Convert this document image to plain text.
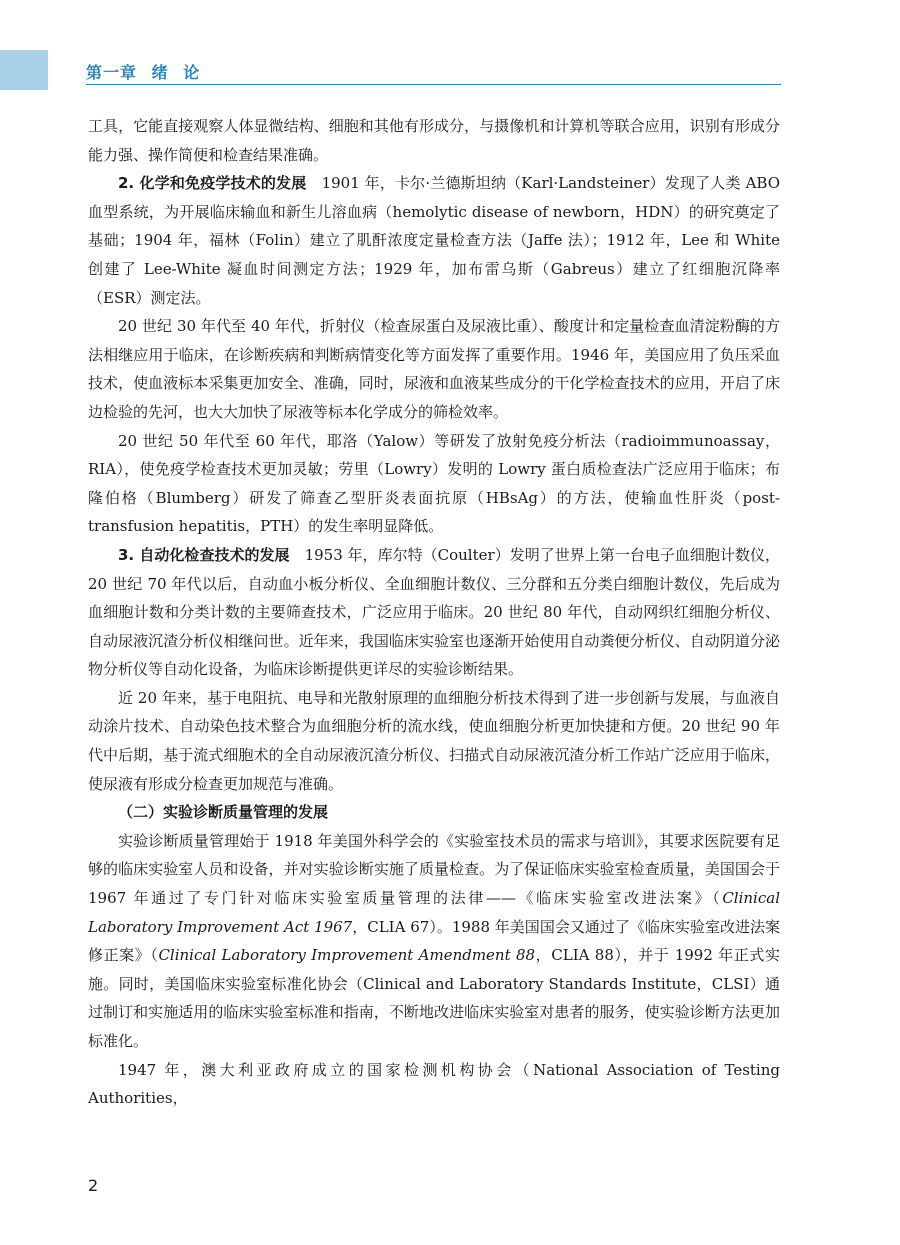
第一章 绪 论

工具，它能直接观察人体显微结构、细胞和其他有形成分，与摄像机和计算机等联合应用，识别有形成分能力强、操作简便和检查结果准确。

2. 化学和免疫学技术的发展　 1901 年，卡尔·兰德斯坦纳（Karl·Landsteiner）发现了人类 ABO 血型系统，为开展临床输血和新生儿溶血病（hemolytic disease of newborn，HDN）的研究奠定了基础；1904 年，福林（Folin）建立了肌酐浓度定量检查方法（Jaffe 法）；1912 年，Lee 和 White 创建了 Lee-White 凝血时间测定方法；1929 年，加布雷乌斯（Gabreus）建立了红细胞沉降率（ESR）测定法。

20 世纪 30 年代至 40 年代，折射仪（检查尿蛋白及尿液比重）、酸度计和定量检查血清淀粉酶的方法相继应用于临床，在诊断疾病和判断病情变化等方面发挥了重要作用。1946 年，美国应用了负压采血技术，使血液标本采集更加安全、准确，同时，尿液和血液某些成分的干化学检查技术的应用，开启了床边检验的先河，也大大加快了尿液等标本化学成分的筛检效率。

20 世纪 50 年代至 60 年代，耶洛（Yalow）等研发了放射免疫分析法（radioimmunoassay，RIA），使免疫学检查技术更加灵敏；劳里（Lowry）发明的 Lowry 蛋白质检查法广泛应用于临床；布隆伯格（Blumberg）研发了筛查乙型肝炎表面抗原（HBsAg）的方法，使输血性肝炎（post-transfusion hepatitis，PTH）的发生率明显降低。

3. 自动化检查技术的发展　 1953 年，库尔特（Coulter）发明了世界上第一台电子血细胞计数仪，20 世纪 70 年代以后，自动血小板分析仪、全血细胞计数仪、三分群和五分类白细胞计数仪，先后成为血细胞计数和分类计数的主要筛查技术，广泛应用于临床。20 世纪 80 年代，自动网织红细胞分析仪、自动尿液沉渣分析仪相继问世。近年来，我国临床实验室也逐渐开始使用自动粪便分析仪、自动阴道分泌物分析仪等自动化设备，为临床诊断提供更详尽的实验诊断结果。

近 20 年来，基于电阻抗、电导和光散射原理的血细胞分析技术得到了进一步创新与发展，与血液自动涂片技术、自动染色技术整合为血细胞分析的流水线，使血细胞分析更加快捷和方便。20 世纪 90 年代中后期，基于流式细胞术的全自动尿液沉渣分析仪、扫描式自动尿液沉渣分析工作站广泛应用于临床，使尿液有形成分检查更加规范与准确。

（二）实验诊断质量管理的发展

实验诊断质量管理始于 1918 年美国外科学会的《实验室技术员的需求与培训》，其要求医院要有足够的临床实验室人员和设备，并对实验诊断实施了质量检查。为了保证临床实验室检查质量，美国国会于 1967 年通过了专门针对临床实验室质量管理的法律——《临床实验室改进法案》（Clinical Laboratory Improvement Act 1967，CLIA 67）。1988 年美国国会又通过了《临床实验室改进法案修正案》（Clinical Laboratory Improvement Amendment 88，CLIA 88），并于 1992 年正式实施。同时，美国临床实验室标准化协会（Clinical and Laboratory Standards Institute，CLSI）通过制订和实施适用的临床实验室标准和指南，不断地改进临床实验室对患者的服务，使实验诊断方法更加标准化。

1947 年，澳大利亚政府成立的国家检测机构协会（National Association of Testing Authorities，

2
